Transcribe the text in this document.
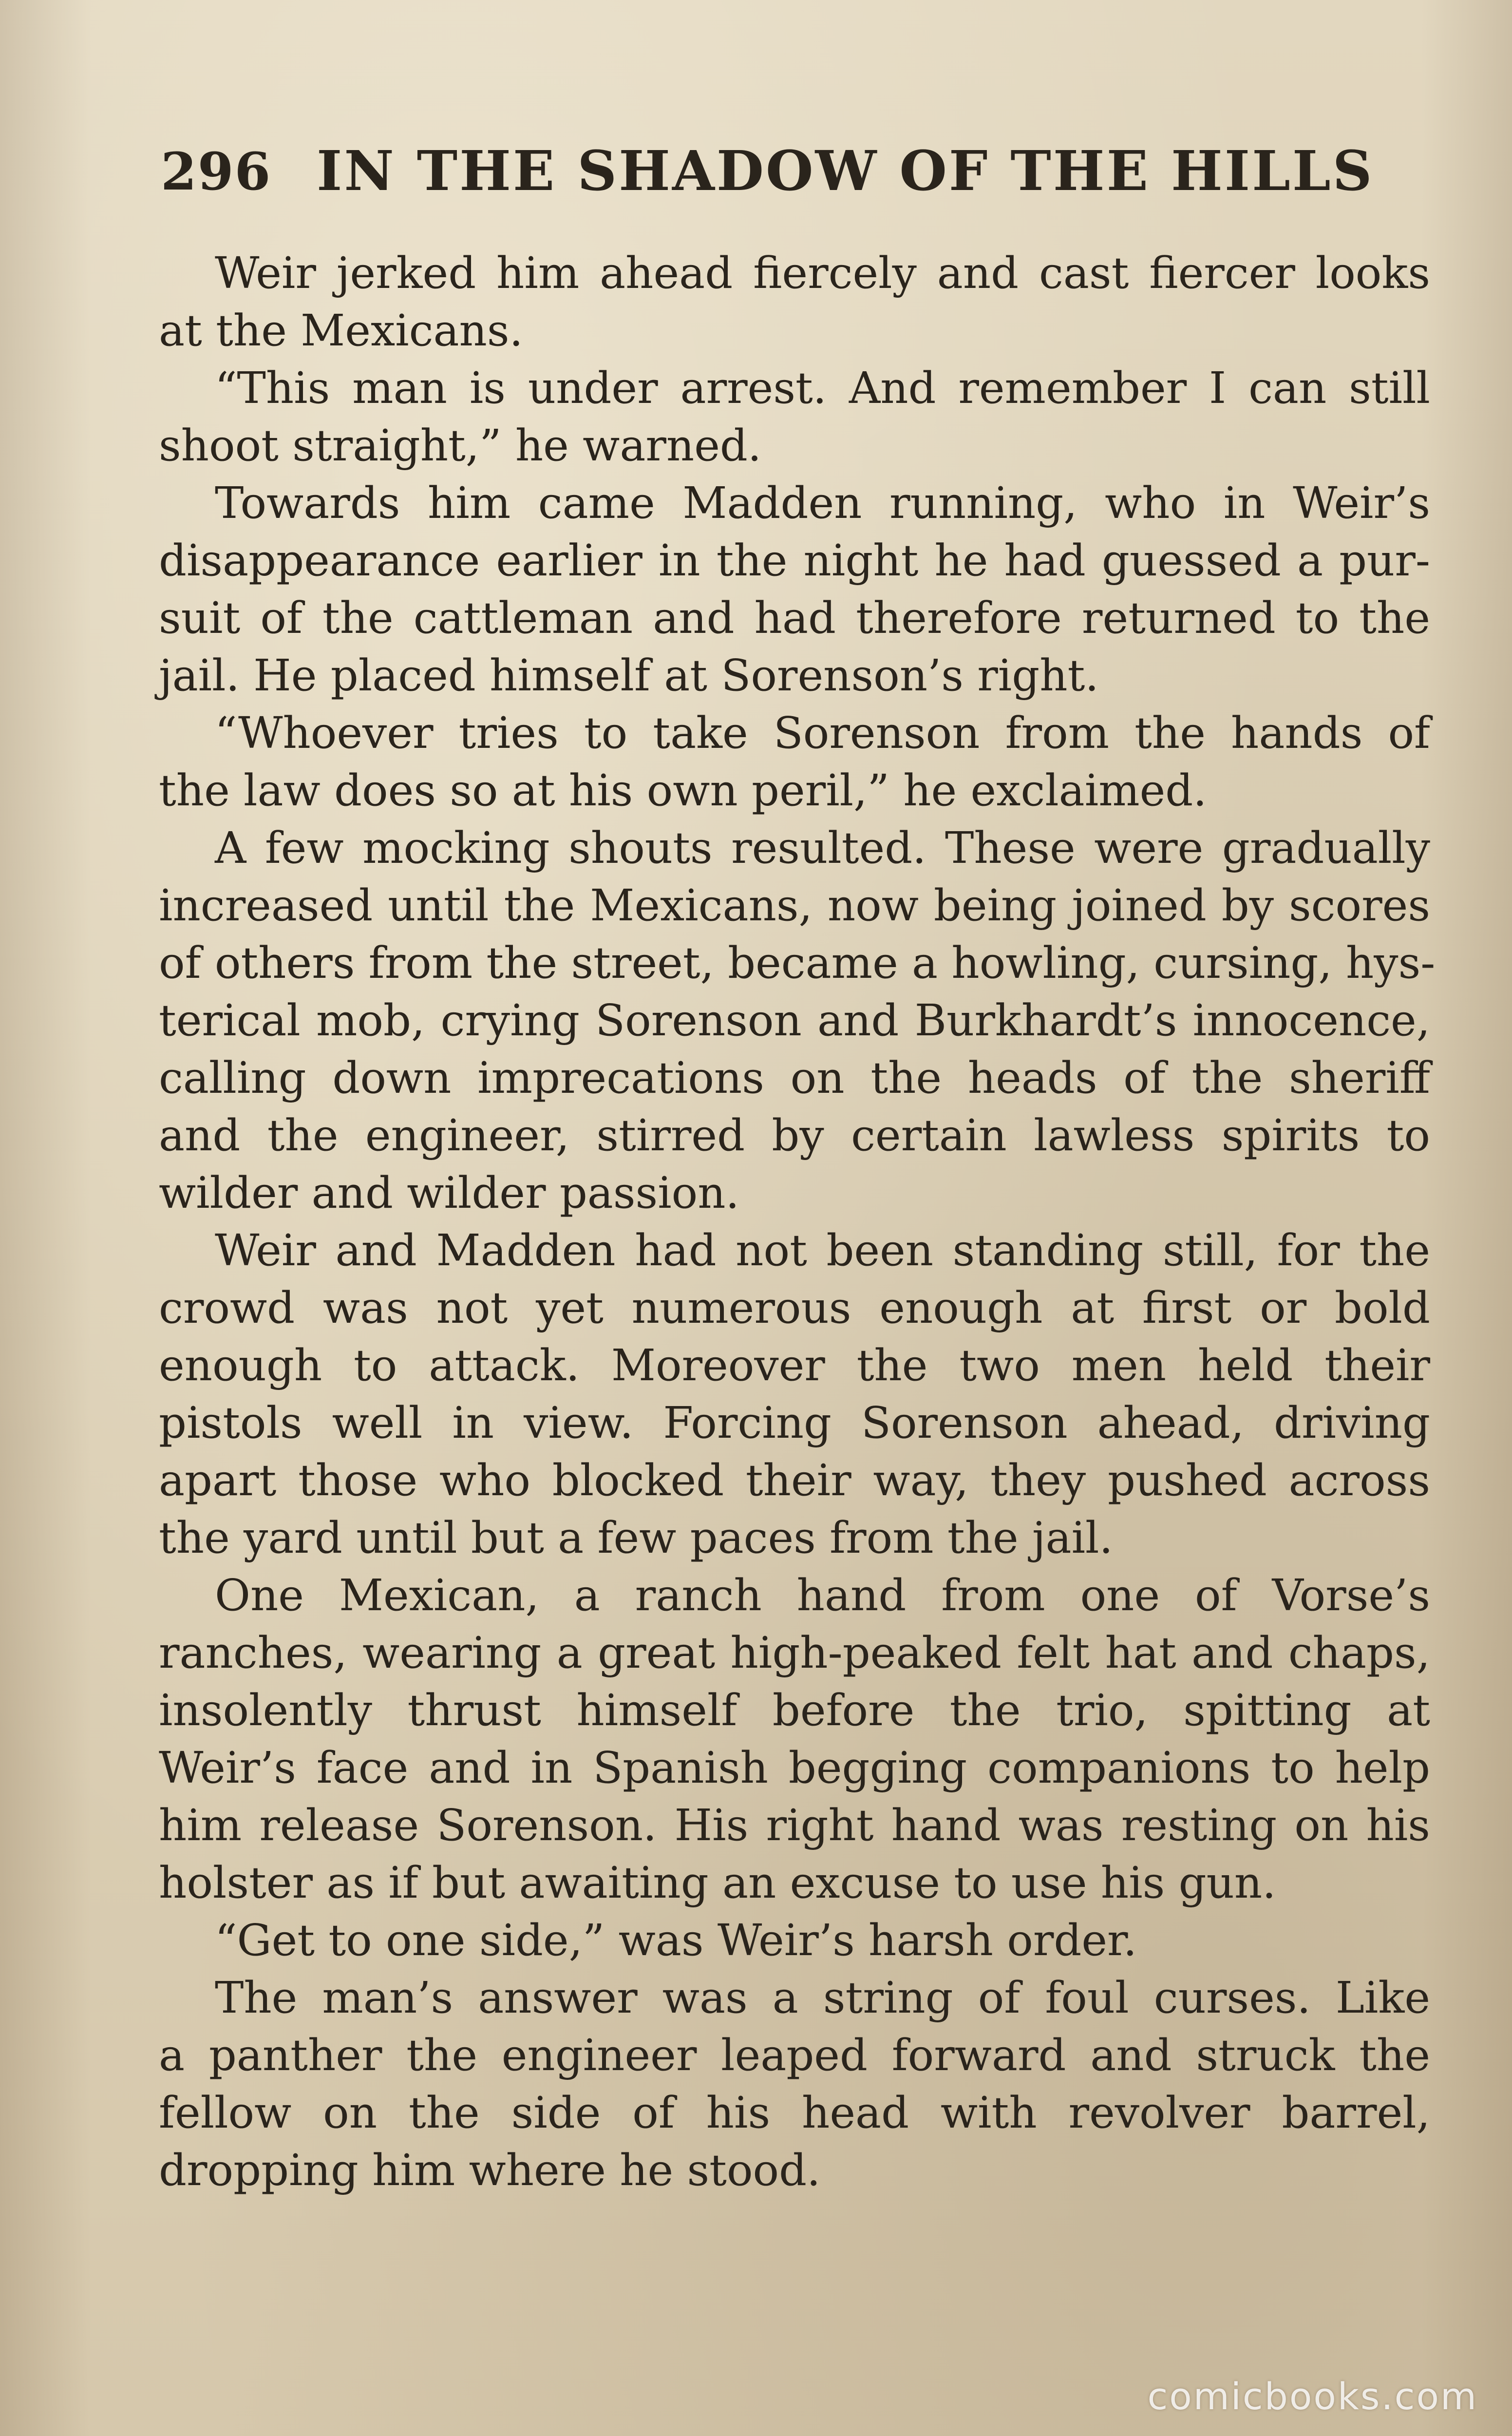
296 IN THE SHADOW OF THE HILLS
Weir jerked him ahead fiercely and cast fiercer looks
at the Mexicans.
“This man is under arrest. And remember I can still
shoot straight,” he warned.
Towards him came Madden running, who in Weir’s
disappearance earlier in the night he had guessed a pur-
suit of the cattleman and had therefore returned to the
jail. He placed himself at Sorenson’s right.
“Whoever tries to take Sorenson from the hands of
the law does so at his own peril,” he exclaimed.
A few mocking shouts resulted. These were gradually
increased until the Mexicans, now being joined by scores
of others from the street, became a howling, cursing, hys-
terical mob, crying Sorenson and Burkhardt’s innocence,
calling down imprecations on the heads of the sheriff
and the engineer, stirred by certain lawless spirits to
wilder and wilder passion.
Weir and Madden had not been standing still, for the
crowd was not yet numerous enough at first or bold
enough to attack. Moreover the two men held their
pistols well in view. Forcing Sorenson ahead, driving
apart those who blocked their way, they pushed across
the yard until but a few paces from the jail.
One Mexican, a ranch hand from one of Vorse’s
ranches, wearing a great high-peaked felt hat and chaps,
insolently thrust himself before the trio, spitting at
Weir’s face and in Spanish begging companions to help
him release Sorenson. His right hand was resting on his
holster as if but awaiting an excuse to use his gun.
“Get to one side,” was Weir’s harsh order.
The man’s answer was a string of foul curses. Like
a panther the engineer leaped forward and struck the
fellow on the side of his head with revolver barrel,
dropping him where he stood.
comicbooks.com
